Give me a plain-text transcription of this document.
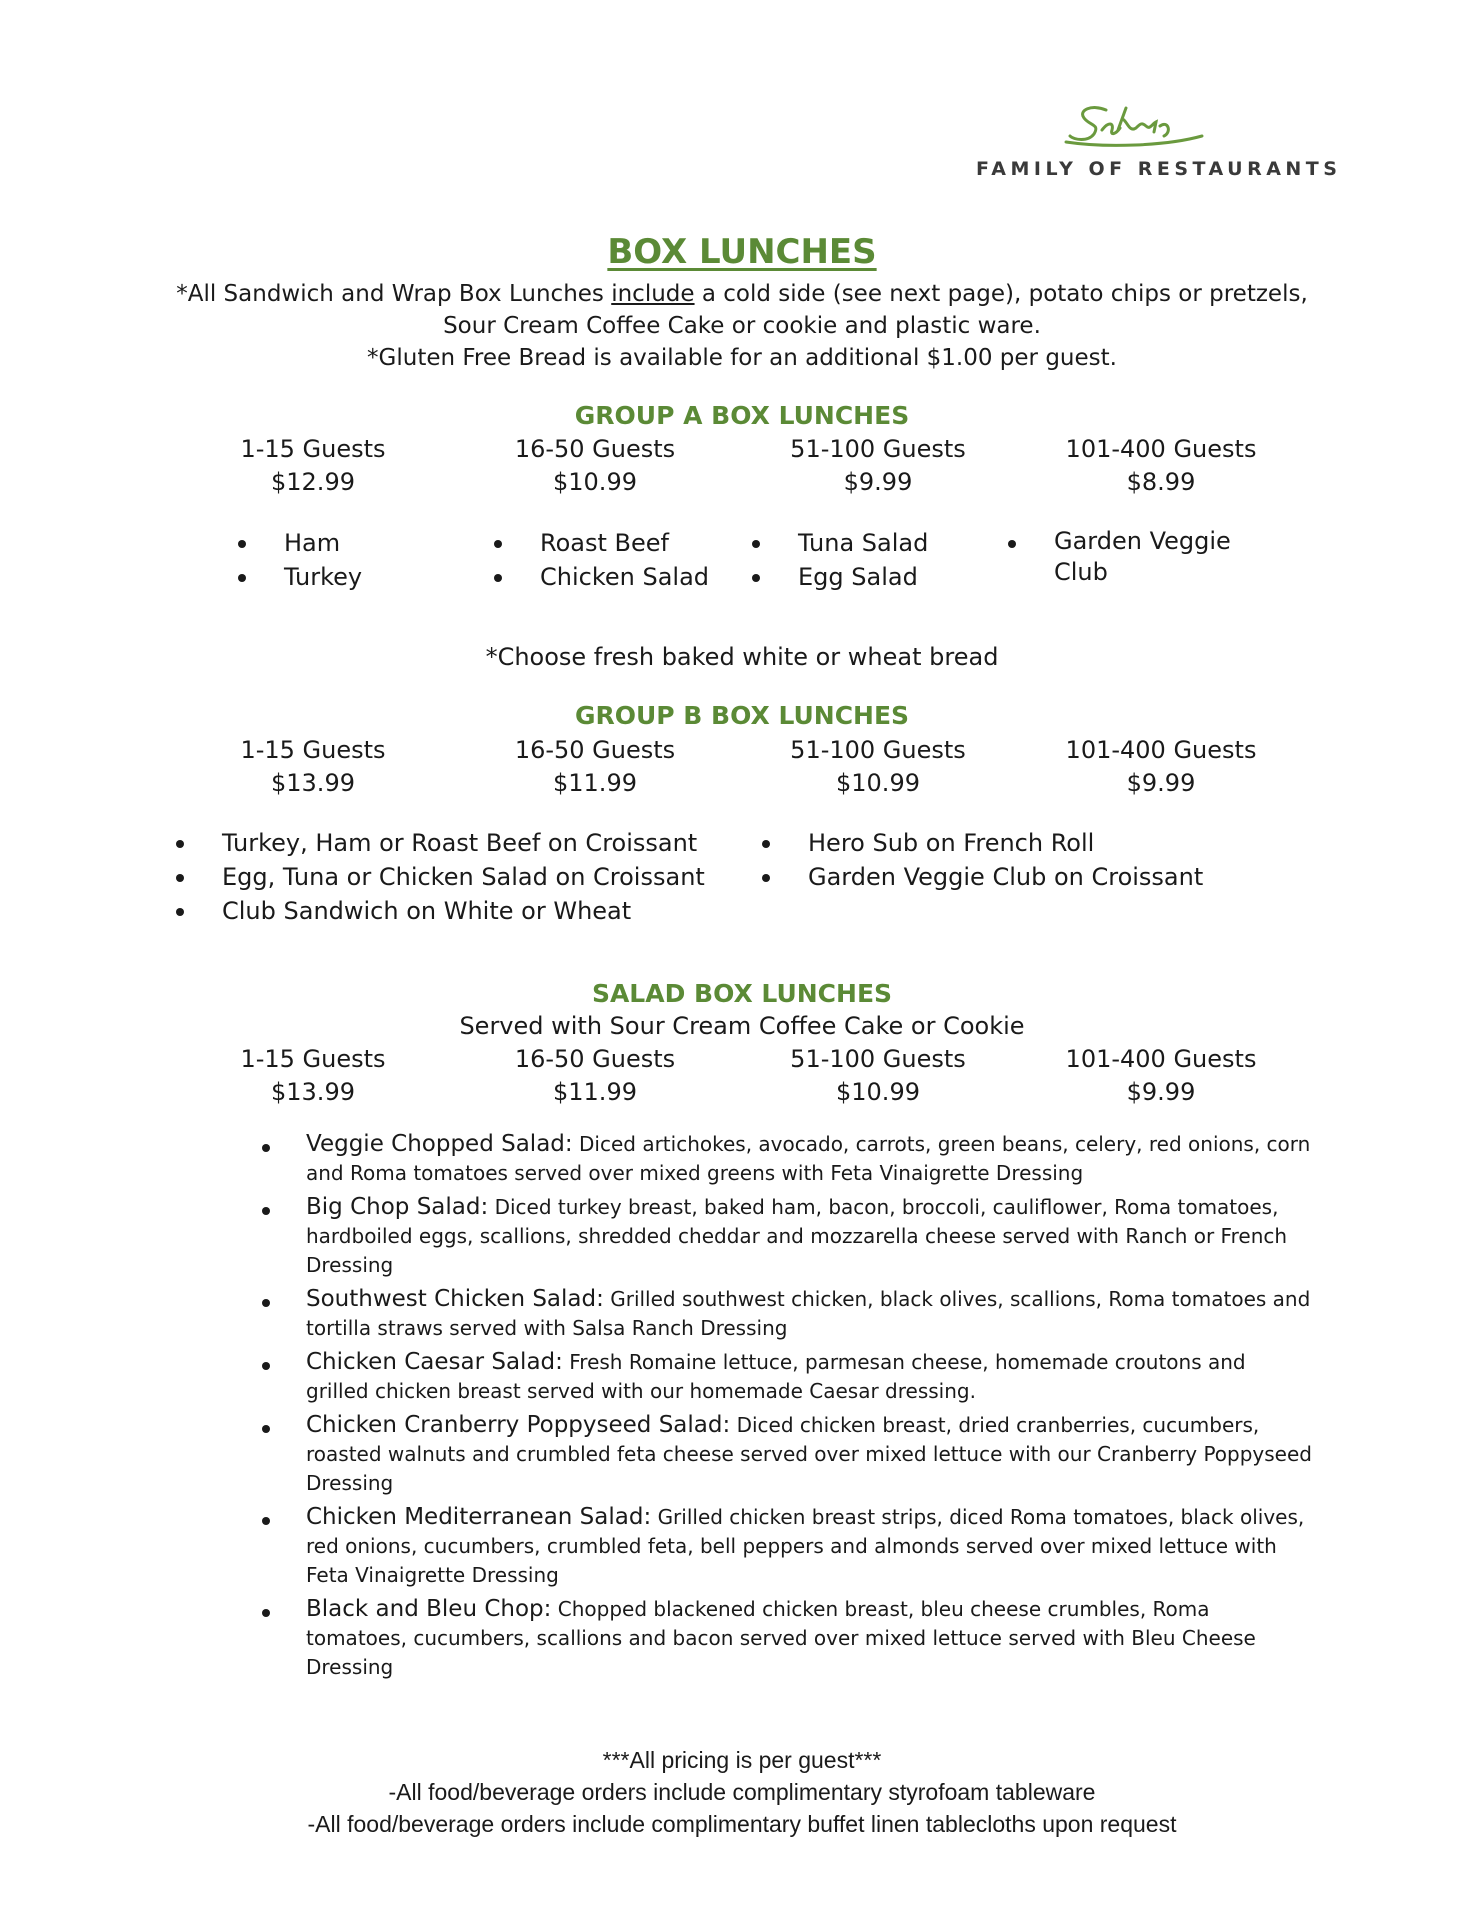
FAMILY OF RESTAURANTS
BOX LUNCHES
*All Sandwich and Wrap Box Lunches include a cold side (see next page), potato chips or pretzels,
Sour Cream Coffee Cake or cookie and plastic ware.
*Gluten Free Bread is available for an additional $1.00 per guest.
GROUP A BOX LUNCHES
1-15 Guests
$12.99
16-50 Guests
$10.99
51-100 Guests
$9.99
101-400 Guests
$8.99
Ham
Turkey
Roast Beef
Chicken Salad
Tuna Salad
Egg Salad
Garden Veggie Club
*Choose fresh baked white or wheat bread
GROUP B BOX LUNCHES
1-15 Guests
$13.99
16-50 Guests
$11.99
51-100 Guests
$10.99
101-400 Guests
$9.99
Turkey, Ham or Roast Beef on Croissant
Egg, Tuna or Chicken Salad on Croissant
Club Sandwich on White or Wheat
Hero Sub on French Roll
Garden Veggie Club on Croissant
SALAD BOX LUNCHES
Served with Sour Cream Coffee Cake or Cookie
1-15 Guests
$13.99
16-50 Guests
$11.99
51-100 Guests
$10.99
101-400 Guests
$9.99
Veggie Chopped Salad: Diced artichokes, avocado, carrots, green beans, celery, red onions, corn and Roma tomatoes served over mixed greens with Feta Vinaigrette Dressing
Big Chop Salad: Diced turkey breast, baked ham, bacon, broccoli, cauliflower, Roma tomatoes, hardboiled eggs, scallions, shredded cheddar and mozzarella cheese served with Ranch or French Dressing
Southwest Chicken Salad: Grilled southwest chicken, black olives, scallions, Roma tomatoes and tortilla straws served with Salsa Ranch Dressing
Chicken Caesar Salad: Fresh Romaine lettuce, parmesan cheese, homemade croutons and grilled chicken breast served with our homemade Caesar dressing.
Chicken Cranberry Poppyseed Salad: Diced chicken breast, dried cranberries, cucumbers, roasted walnuts and crumbled feta cheese served over mixed lettuce with our Cranberry Poppyseed Dressing
Chicken Mediterranean Salad: Grilled chicken breast strips, diced Roma tomatoes, black olives, red onions, cucumbers, crumbled feta, bell peppers and almonds served over mixed lettuce with Feta Vinaigrette Dressing
Black and Bleu Chop: Chopped blackened chicken breast, bleu cheese crumbles, Roma tomatoes, cucumbers, scallions and bacon served over mixed lettuce served with Bleu Cheese Dressing
***All pricing is per guest***
-All food/beverage orders include complimentary styrofoam tableware
-All food/beverage orders include complimentary buffet linen tablecloths upon request
